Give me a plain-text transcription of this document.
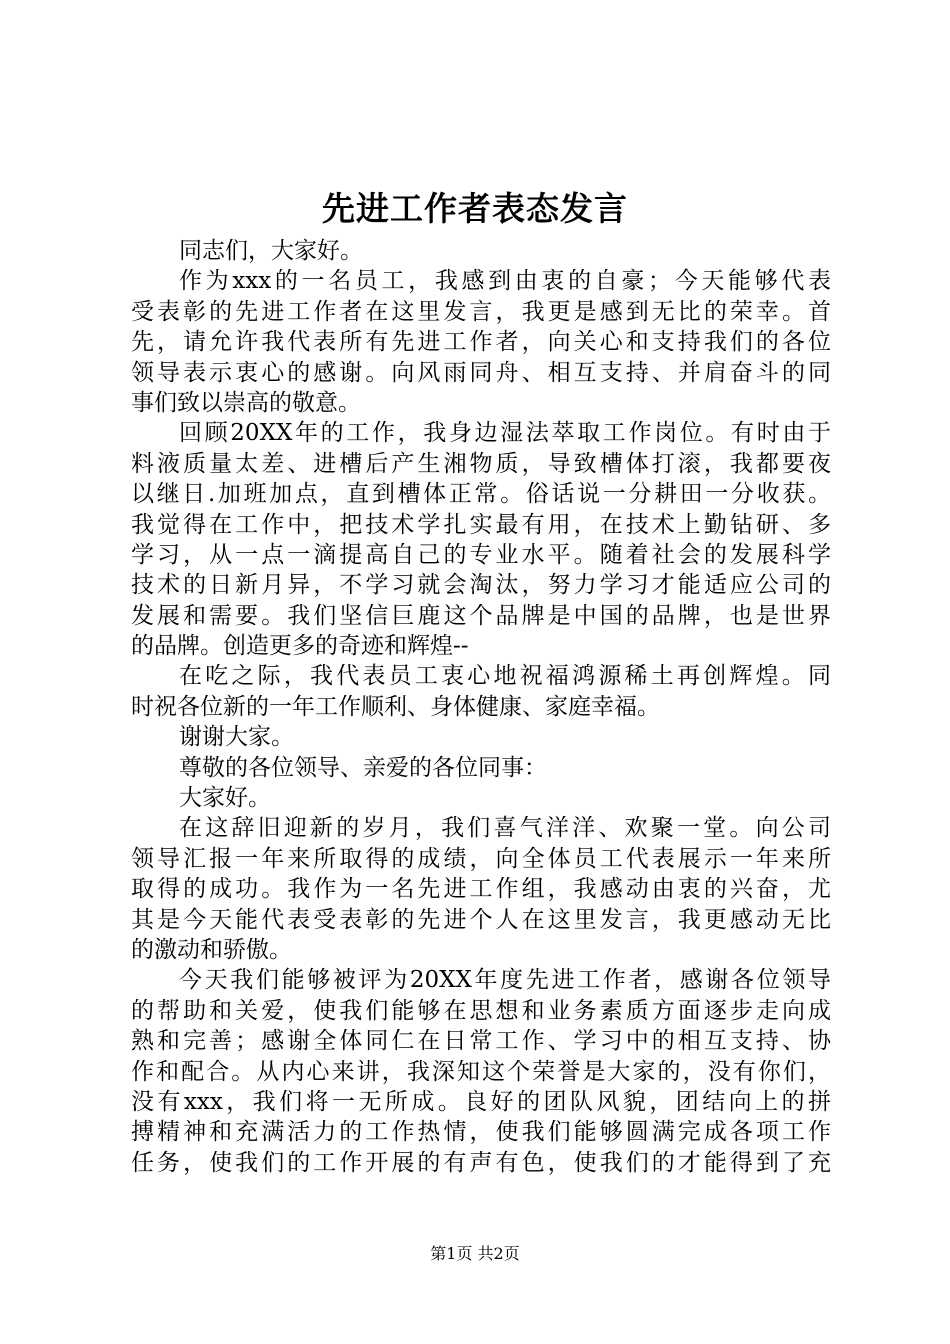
先进工作者表态发言
同志们，大家好。
作为xxx的一名员工，我感到由衷的自豪；今天能够代表
受表彰的先进工作者在这里发言，我更是感到无比的荣幸。首
先，请允许我代表所有先进工作者，向关心和支持我们的各位
领导表示衷心的感谢。向风雨同舟、相互支持、并肩奋斗的同
事们致以崇高的敬意。
回顾20XX年的工作，我身边湿法萃取工作岗位。有时由于
料液质量太差、进槽后产生湘物质，导致槽体打滚，我都要夜
以继日.加班加点，直到槽体正常。俗话说一分耕田一分收获。
我觉得在工作中，把技术学扎实最有用，在技术上勤钻研、多
学习，从一点一滴提高自己的专业水平。随着社会的发展科学
技术的日新月异，不学习就会淘汰，努力学习才能适应公司的
发展和需要。我们坚信巨鹿这个品牌是中国的品牌，也是世界
的品牌。创造更多的奇迹和辉煌--
在吃之际，我代表员工衷心地祝福鸿源稀土再创辉煌。同
时祝各位新的一年工作顺利、身体健康、家庭幸福。
谢谢大家。
尊敬的各位领导、亲爱的各位同事：
大家好。
在这辞旧迎新的岁月，我们喜气洋洋、欢聚一堂。向公司
领导汇报一年来所取得的成绩，向全体员工代表展示一年来所
取得的成功。我作为一名先进工作组，我感动由衷的兴奋，尤
其是今天能代表受表彰的先进个人在这里发言，我更感动无比
的激动和骄傲。
今天我们能够被评为20XX年度先进工作者，感谢各位领导
的帮助和关爱，使我们能够在思想和业务素质方面逐步走向成
熟和完善；感谢全体同仁在日常工作、学习中的相互支持、协
作和配合。从内心来讲，我深知这个荣誉是大家的，没有你们，
没有xxx，我们将一无所成。良好的团队风貌，团结向上的拼
搏精神和充满活力的工作热情，使我们能够圆满完成各项工作
任务，使我们的工作开展的有声有色，使我们的才能得到了充
第1页 共2页
